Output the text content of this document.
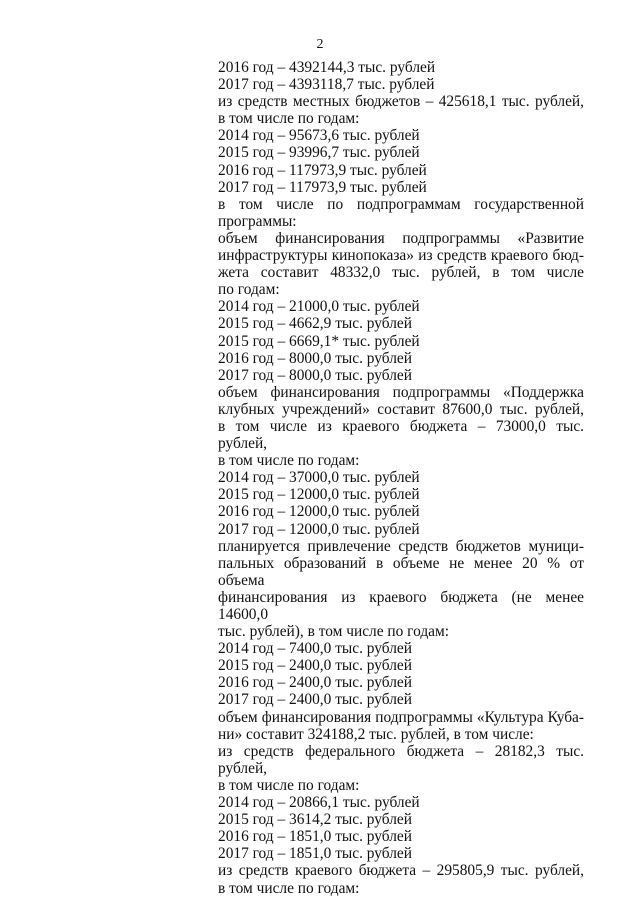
2
2016 год – 4392144,3 тыс. рублей
2017 год – 4393118,7 тыс. рублей
из средств местных бюджетов – 425618,1 тыс. рублей,
в том числе по годам:
2014 год – 95673,6 тыс. рублей
2015 год – 93996,7 тыс. рублей
2016 год – 117973,9 тыс. рублей
2017 год – 117973,9 тыс. рублей
в том числе по подпрограммам государственной
программы:
объем финансирования подпрограммы «Развитие
инфраструктуры кинопоказа» из средств краевого бюд-
жета составит 48332,0 тыс. рублей, в том числе
по годам:
2014 год – 21000,0 тыс. рублей
2015 год – 4662,9 тыс. рублей
2015 год – 6669,1* тыс. рублей
2016 год – 8000,0 тыс. рублей
2017 год – 8000,0 тыс. рублей
объем финансирования подпрограммы «Поддержка
клубных учреждений» составит 87600,0 тыс. рублей,
в том числе из краевого бюджета – 73000,0 тыс. рублей,
в том числе по годам:
2014 год – 37000,0 тыс. рублей
2015 год – 12000,0 тыс. рублей
2016 год – 12000,0 тыс. рублей
2017 год – 12000,0 тыс. рублей
планируется привлечение средств бюджетов муници-
пальных образований в объеме не менее 20 % от объема
финансирования из краевого бюджета (не менее 14600,0
тыс. рублей), в том числе по годам:
2014 год – 7400,0 тыс. рублей
2015 год – 2400,0 тыс. рублей
2016 год – 2400,0 тыс. рублей
2017 год – 2400,0 тыс. рублей
объем финансирования подпрограммы «Культура Куба-
ни» составит 324188,2 тыс. рублей, в том числе:
из средств федерального бюджета – 28182,3 тыс. рублей,
в том числе по годам:
2014 год – 20866,1 тыс. рублей
2015 год – 3614,2 тыс. рублей
2016 год – 1851,0 тыс. рублей
2017 год – 1851,0 тыс. рублей
из средств краевого бюджета – 295805,9 тыс. рублей,
в том числе по годам:
